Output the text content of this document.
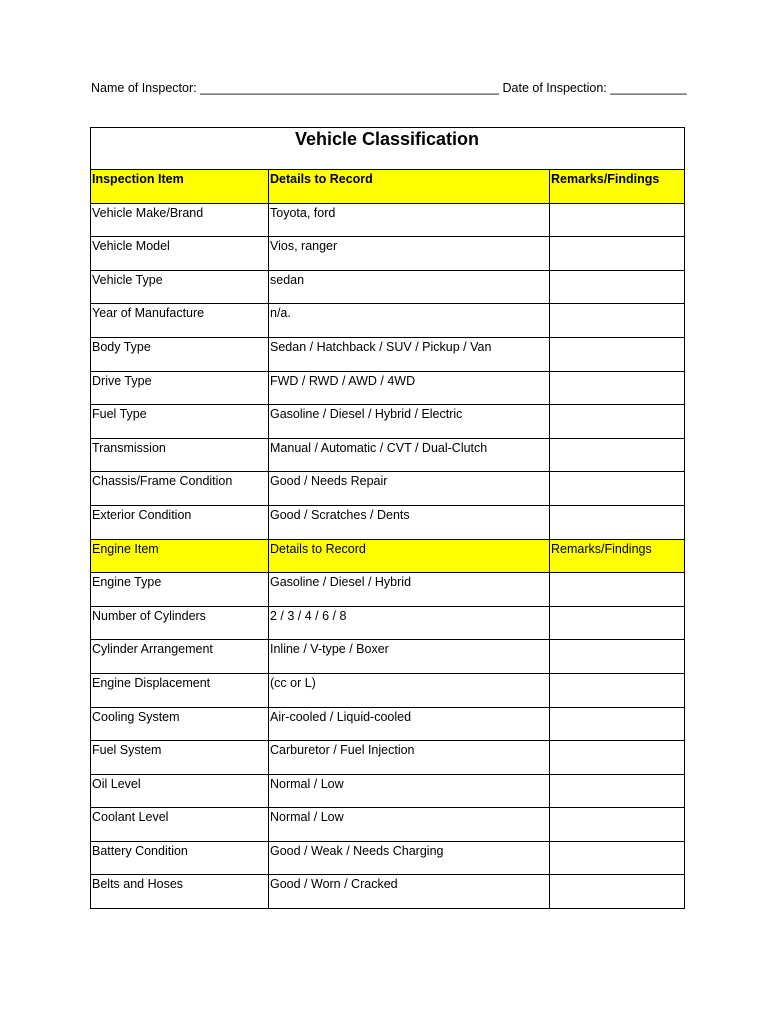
Name of Inspector: ___________________________________________ Date of Inspection: ___________
Vehicle Classification		
Inspection Item	Details to Record	Remarks/Findings
Vehicle Make/Brand	Toyota, ford	
Vehicle Model	Vios, ranger	
Vehicle Type	sedan	
Year of Manufacture	n/a.	
Body Type	Sedan / Hatchback / SUV / Pickup / Van	
Drive Type	FWD / RWD / AWD / 4WD	
Fuel Type	Gasoline / Diesel / Hybrid / Electric	
Transmission	Manual / Automatic / CVT / Dual-Clutch	
Chassis/Frame Condition	Good / Needs Repair	
Exterior Condition	Good / Scratches / Dents	
Engine Item	Details to Record	Remarks/Findings
Engine Type	Gasoline / Diesel / Hybrid	
Number of Cylinders	2 / 3 / 4 / 6 / 8	
Cylinder Arrangement	Inline / V-type / Boxer	
Engine Displacement	(cc or L)	
Cooling System	Air-cooled / Liquid-cooled	
Fuel System	Carburetor / Fuel Injection	
Oil Level	Normal / Low	
Coolant Level	Normal / Low	
Battery Condition	Good / Weak / Needs Charging	
Belts and Hoses	Good / Worn / Cracked	
